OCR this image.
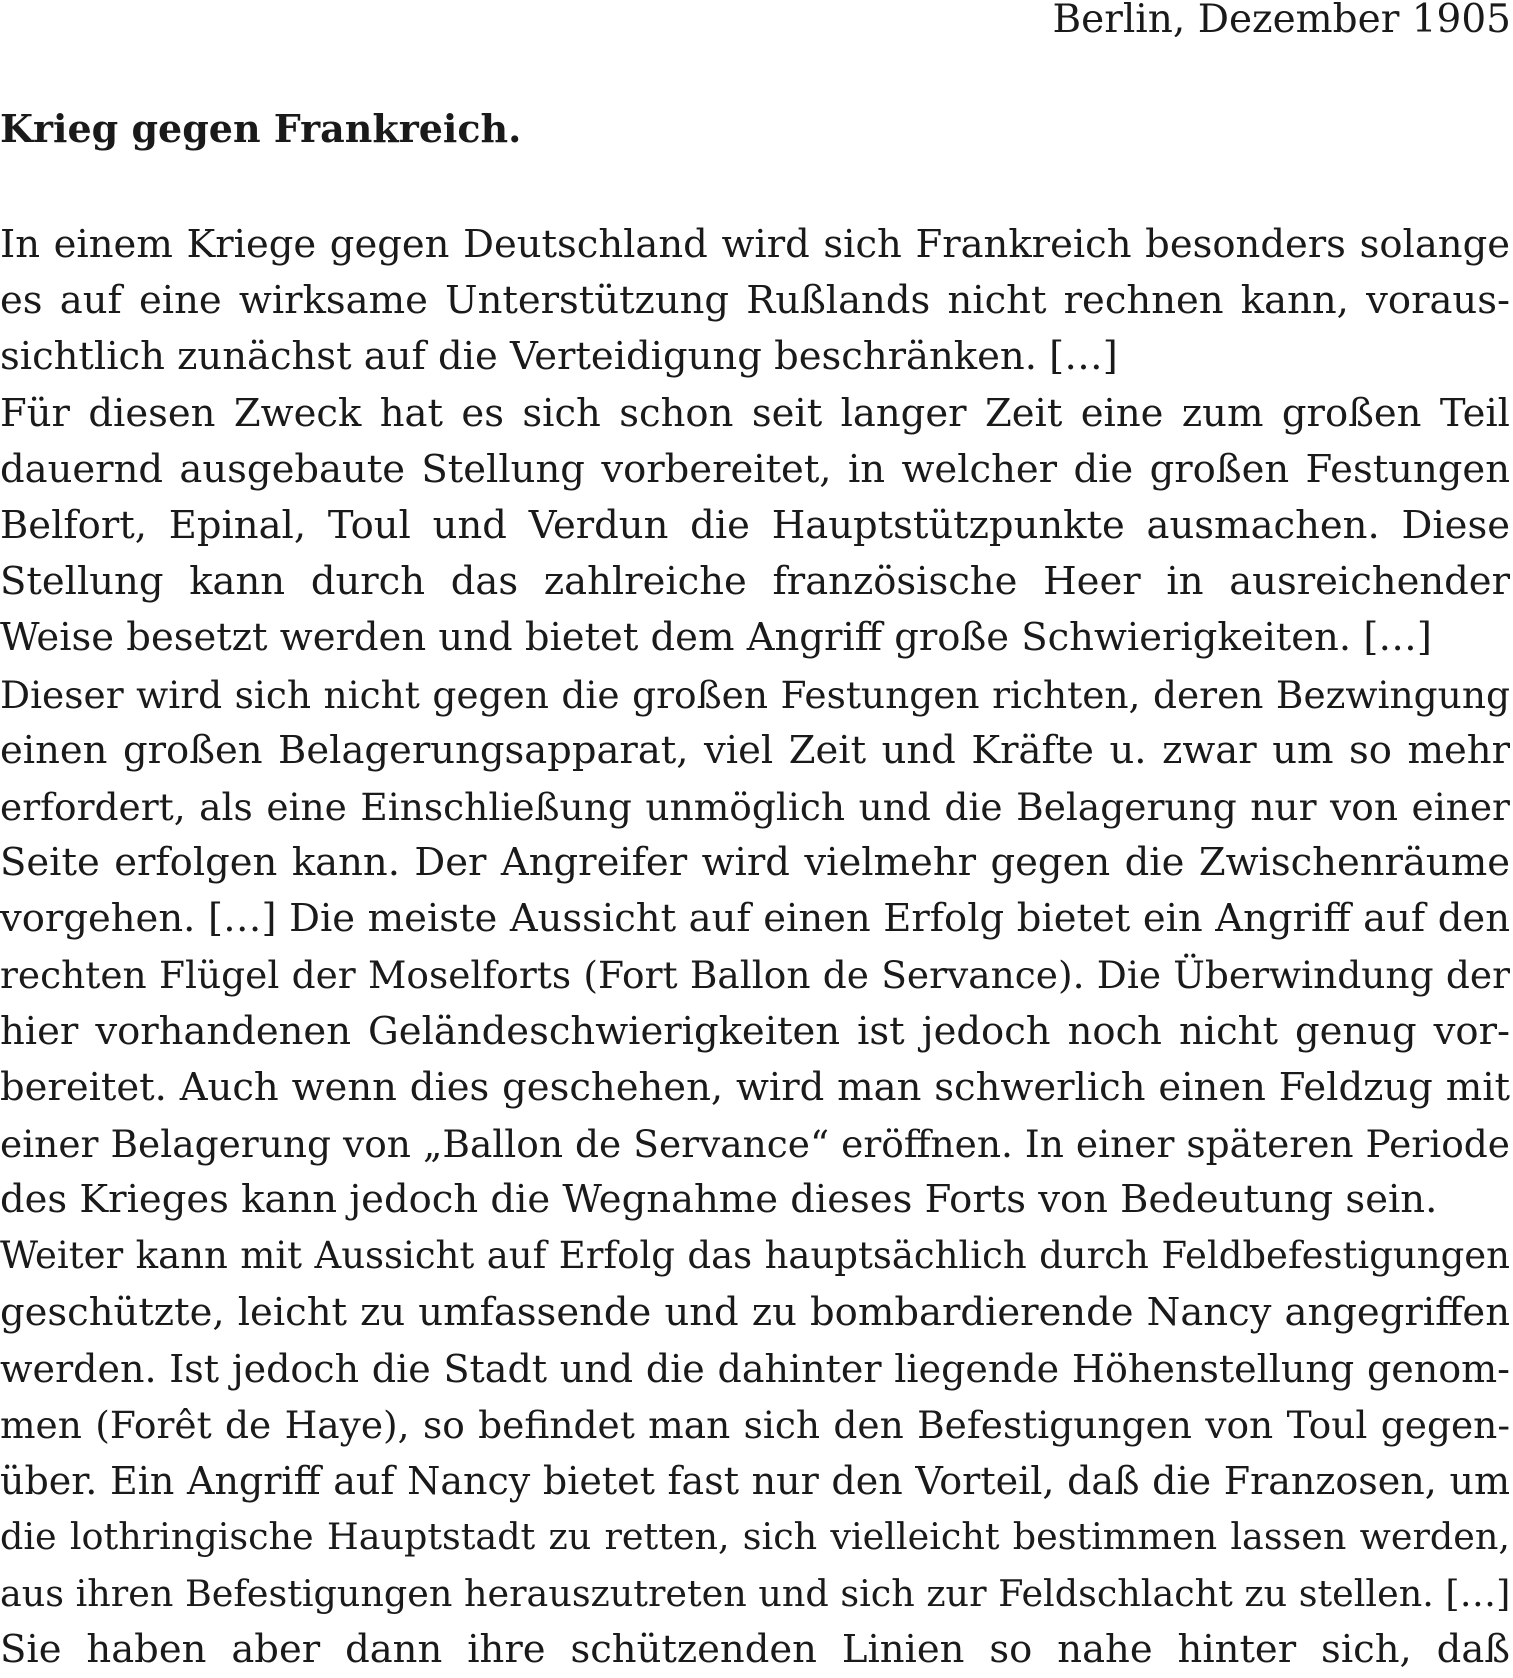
Berlin, Dezember 1905
Krieg gegen Frankreich.
In einem Kriege gegen Deutschland wird sich Frankreich besonders solange
es auf eine wirksame Unterstützung Rußlands nicht rechnen kann, voraus-
sichtlich zunächst auf die Verteidigung beschränken. […]
Für diesen Zweck hat es sich schon seit langer Zeit eine zum großen Teil
dauernd ausgebaute Stellung vorbereitet, in welcher die großen Festungen
Belfort, Epinal, Toul und Verdun die Hauptstützpunkte ausmachen. Diese
Stellung kann durch das zahlreiche französische Heer in ausreichender
Weise besetzt werden und bietet dem Angriff große Schwierigkeiten. […]
Dieser wird sich nicht gegen die großen Festungen richten, deren Bezwingung
einen großen Belagerungsapparat, viel Zeit und Kräfte u. zwar um so mehr
erfordert, als eine Einschließung unmöglich und die Belagerung nur von einer
Seite erfolgen kann. Der Angreifer wird vielmehr gegen die Zwischenräume
vorgehen. […] Die meiste Aussicht auf einen Erfolg bietet ein Angriff auf den
rechten Flügel der Moselforts (Fort Ballon de Servance). Die Überwindung der
hier vorhandenen Geländeschwierigkeiten ist jedoch noch nicht genug vor-
bereitet. Auch wenn dies geschehen, wird man schwerlich einen Feldzug mit
einer Belagerung von „Ballon de Servance“ eröffnen. In einer späteren Periode
des Krieges kann jedoch die Wegnahme dieses Forts von Bedeutung sein.
Weiter kann mit Aussicht auf Erfolg das hauptsächlich durch Feldbefestigungen
geschützte, leicht zu umfassende und zu bombardierende Nancy angegriffen
werden. Ist jedoch die Stadt und die dahinter liegende Höhenstellung genom-
men (Forêt de Haye), so befindet man sich den Befestigungen von Toul gegen-
über. Ein Angriff auf Nancy bietet fast nur den Vorteil, daß die Franzosen, um
die lothringische Hauptstadt zu retten, sich vielleicht bestimmen lassen werden,
aus ihren Befestigungen herauszutreten und sich zur Feldschlacht zu stellen. […]
Sie haben aber dann ihre schützenden Linien so nahe hinter sich, daß
